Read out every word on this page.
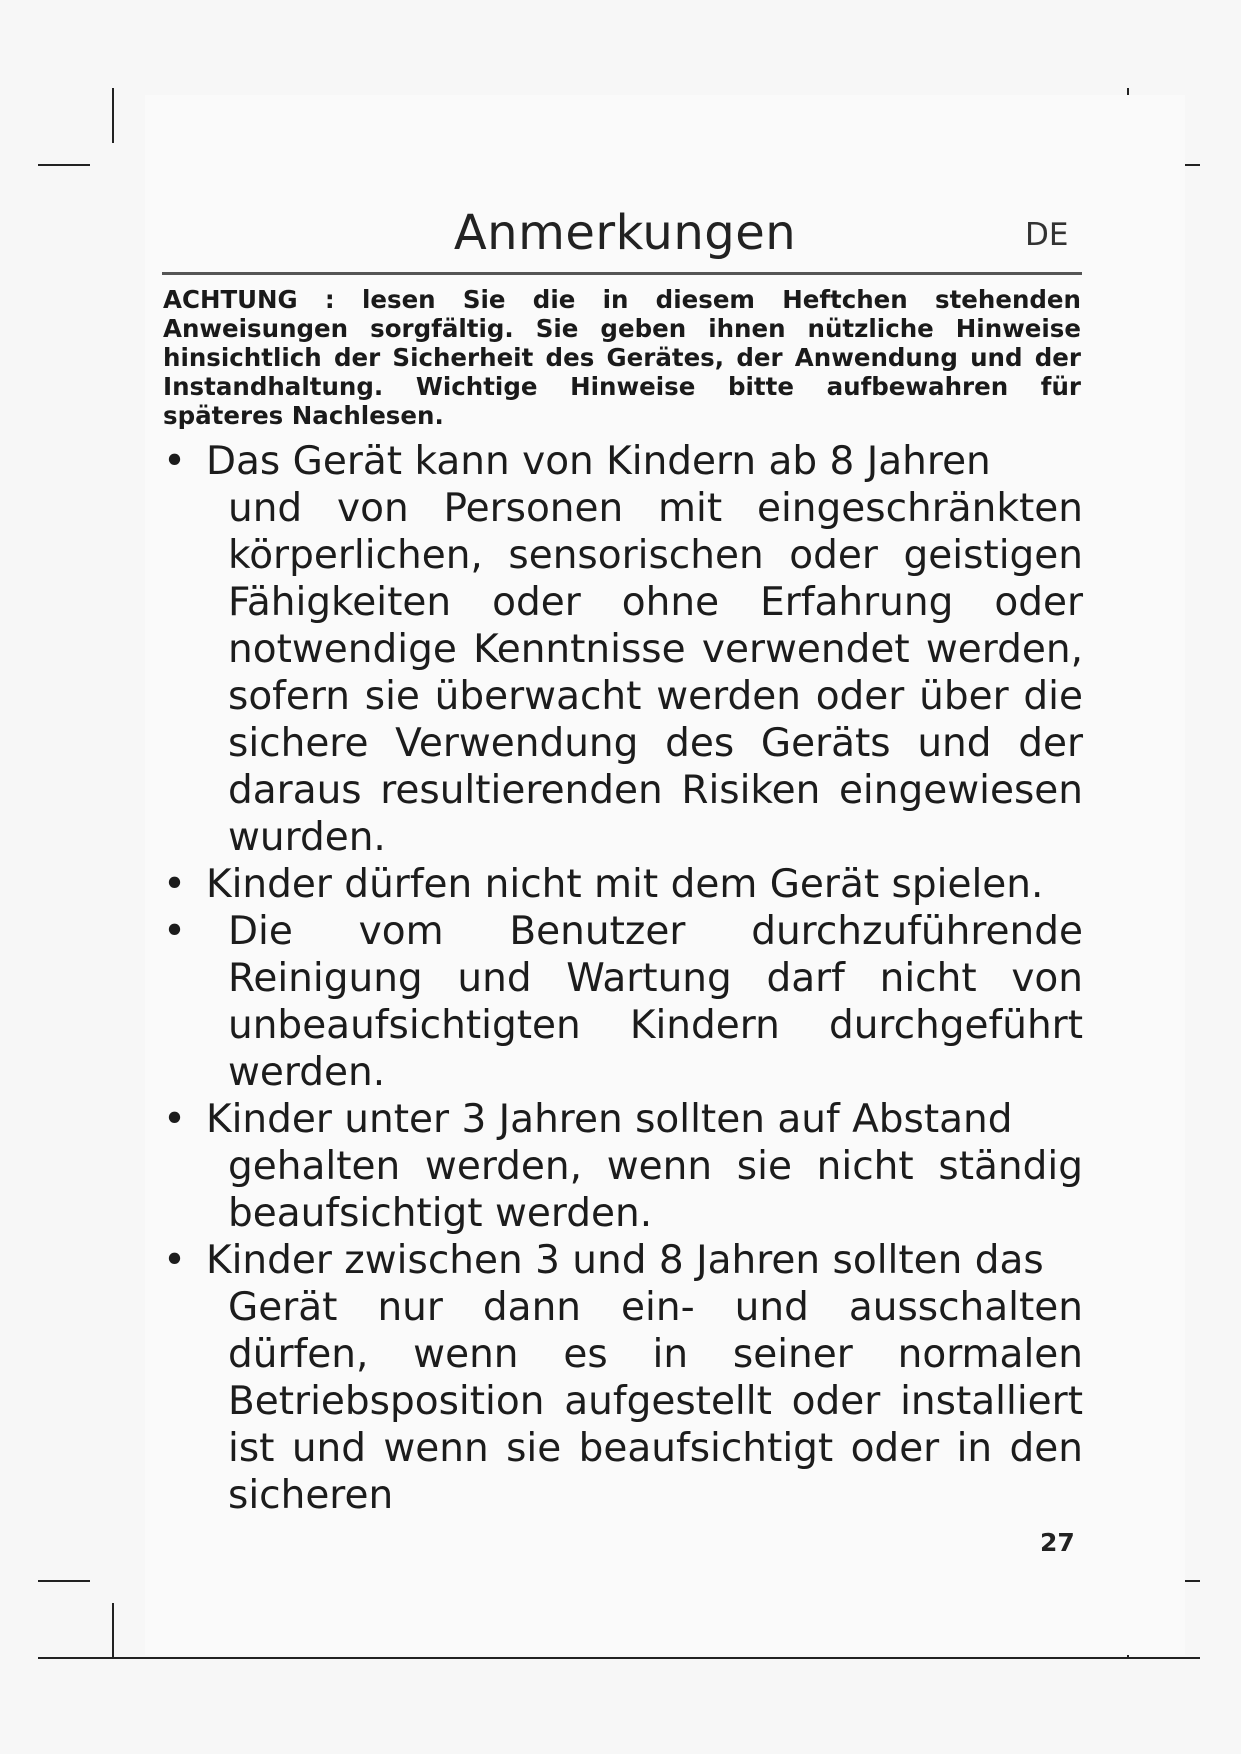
Anmerkungen	DE
ACHTUNG : lesen Sie die in diesem Heftchen stehenden Anweisungen sorgfältig. Sie geben ihnen nützliche Hinweise hinsichtlich der Sicherheit des Gerätes, der Anwendung und der Instandhaltung. Wichtige Hinweise bitte aufbewahren für späteres Nachlesen.
• Das Gerät kann von Kindern ab 8 Jahren
und von Personen mit eingeschränkten körperlichen, sensorischen oder geistigen Fähigkeiten oder ohne Erfahrung oder notwendige Kenntnisse verwendet werden, sofern sie überwacht werden oder über die sichere Verwendung des Geräts und der daraus resultierenden Risiken eingewiesen wurden.
• Kinder dürfen nicht mit dem Gerät spielen.
• Die vom Benutzer durchzuführende Reinigung und Wartung darf nicht von unbeaufsichtigten Kindern durchgeführt werden.
• Kinder unter 3 Jahren sollten auf Abstand
gehalten werden, wenn sie nicht ständig beaufsichtigt werden.
• Kinder zwischen 3 und 8 Jahren sollten das
Gerät nur dann ein- und ausschalten dürfen, wenn es in seiner normalen Betriebsposition aufgestellt oder installiert ist und wenn sie beaufsichtigt oder in den sicheren
27
